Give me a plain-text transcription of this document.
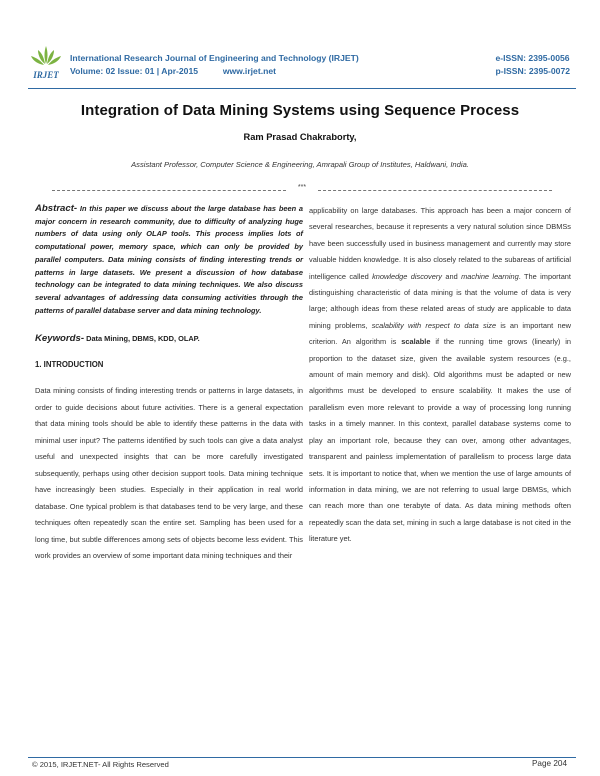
IRJET
International Research Journal of Engineering and Technology (IRJET)
Volume: 02 Issue: 01 | Apr-2015	www.irjet.net
e-ISSN: 2395-0056
p-ISSN: 2395-0072
Integration of Data Mining Systems using Sequence Process
Ram Prasad Chakraborty,
Assistant Professor, Computer Science & Engineering, Amrapali Group of Institutes, Haldwani, India.
***
Abstract- In this paper we discuss about the large database has been a major concern in research community, due to difficulty of analyzing huge numbers of data using only OLAP tools. This process implies lots of computational power, memory space, which can only be provided by parallel computers. Data mining consists of finding interesting trends or patterns in large datasets. We present a discussion of how database technology can be integrated to data mining techniques. We also discuss several advantages of addressing data consuming activities through the patterns of parallel database server and data mining technology.
Keywords- Data Mining, DBMS, KDD, OLAP.
1. INTRODUCTION
Data mining consists of finding interesting trends or patterns in large datasets, in order to guide decisions about future activities. There is a general expectation that data mining tools should be able to identify these patterns in the data with minimal user input? The patterns identified by such tools can give a data analyst useful and unexpected insights that can be more carefully investigated subsequently, perhaps using other decision support tools. Data mining technique have increasingly been studies. Especially in their application in real world database. One typical problem is that databases tend to be very large, and these techniques often repeatedly scan the entire set. Sampling has been used for a long time, but subtle differences among sets of objects become less evident. This work provides an overview of some important data mining techniques and their
applicability on large databases. This approach has been a major concern of several researches, because it represents a very natural solution since DBMSs have been successfully used in business management and currently may store valuable hidden knowledge. It is also closely related to the subareas of artificial intelligence called knowledge discovery and machine learning. The important distinguishing characteristic of data mining is that the volume of data is very large; although ideas from these related areas of study are applicable to data mining problems, scalability with respect to data size is an important new criterion. An algorithm is scalable if the running time grows (linearly) in proportion to the dataset size, given the available system resources (e.g., amount of main memory and disk). Old algorithms must be adapted or new algorithms must be developed to ensure scalability. It makes the use of parallelism even more relevant to provide a way of processing long running tasks in a timely manner. In this context, parallel database systems come to play an important role, because they can over, among other advantages, transparent and painless implementation of parallelism to process large data sets. It is important to notice that, when we mention the use of large amounts of information in data mining, we are not referring to usual large DBMSs, which can reach more than one terabyte of data. As data mining methods often repeatedly scan the data set, mining in such a large database is not cited in the literature yet.
© 2015, IRJET.NET- All Rights Reserved	Page 204
